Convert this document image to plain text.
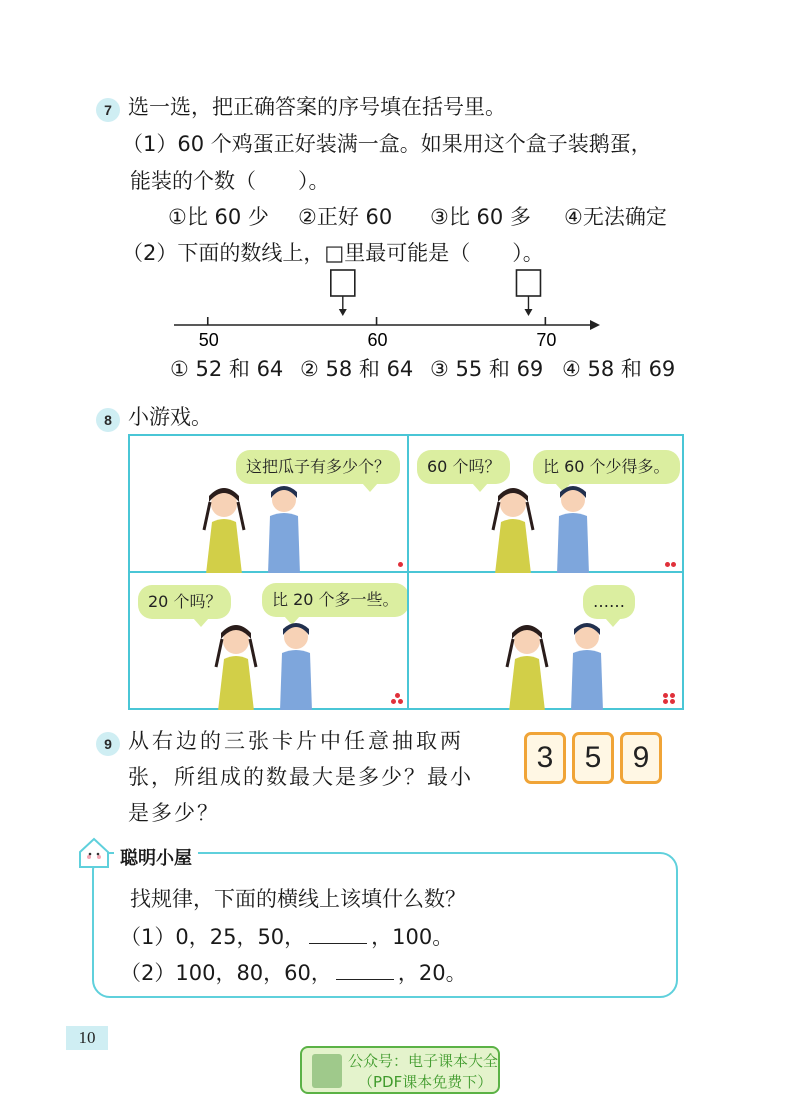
7 选一选，把正确答案的序号填在括号里。
（1）60 个鸡蛋正好装满一盒。如果用这个盒子装鹅蛋，
能装的个数（　　）。
①比 60 少 ②正好 60 ③比 60 多 ④无法确定
（2）下面的数线上，□里最可能是（　　）。
50	60	70
① 52 和 64 ② 58 和 64 ③ 55 和 69 ④ 58 和 69
8 小游戏。
这把瓜子有多少个？	60 个吗？	比 60 个少得多。
20 个吗？	比 20 个多一些。	……
9 从右边的三张卡片中任意抽取两
张，所组成的数最大是多少？最小
是多少？
3	5	9
聪明小屋
找规律，下面的横线上该填什么数？
（1）0，25，50，	，100。
（2）100，80，60，	，20。
10
公众号：电子课本大全
（PDF课本免费下）
